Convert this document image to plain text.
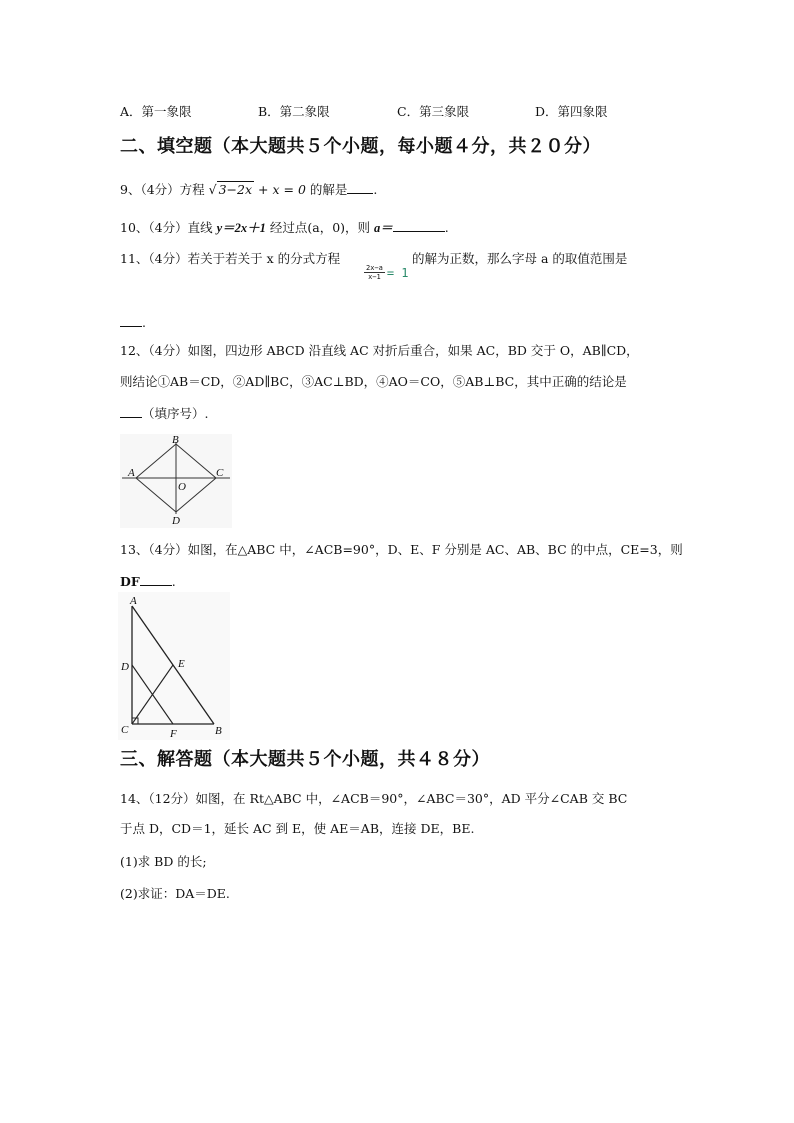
A．第一象限	B．第二象限	C．第三象限	D．第四象限
二、填空题（本大题共５个小题，每小题４分，共２０分）
9、（4分）方程 √ 3−2x + x = 0 的解是 .
10、（4分）直线 y＝2x＋1 经过点(a，0)，则 a＝	.
11、（4分）若关于若关于 x 的分式方程
$\frac{2x-a}{x-1} = 1$
的解为正数，那么字母 a 的取值范围是
.
12、（4分）如图，四边形 ABCD 沿直线 AC 对折后重合，如果 AC，BD 交于 O，AB∥CD，
则结论①AB＝CD，②AD∥BC，③AC⊥BD，④AO＝CO，⑤AB⊥BC，其中正确的结论是
（填序号）.
B
A	C
O
D
13、（4分）如图，在△ABC 中，∠ACB=90°，D、E、F 分别是 AC、AB、BC 的中点，CE=3，则
DF	.
A
D	E
C	F	B
三、解答题（本大题共５个小题，共４８分）
14、（12分）如图，在 Rt△ABC 中，∠ACB＝90°，∠ABC＝30°，AD 平分∠CAB 交 BC
于点 D，CD＝1，延长 AC 到 E，使 AE＝AB，连接 DE，BE.
(1)求 BD 的长;
(2)求证：DA＝DE.
